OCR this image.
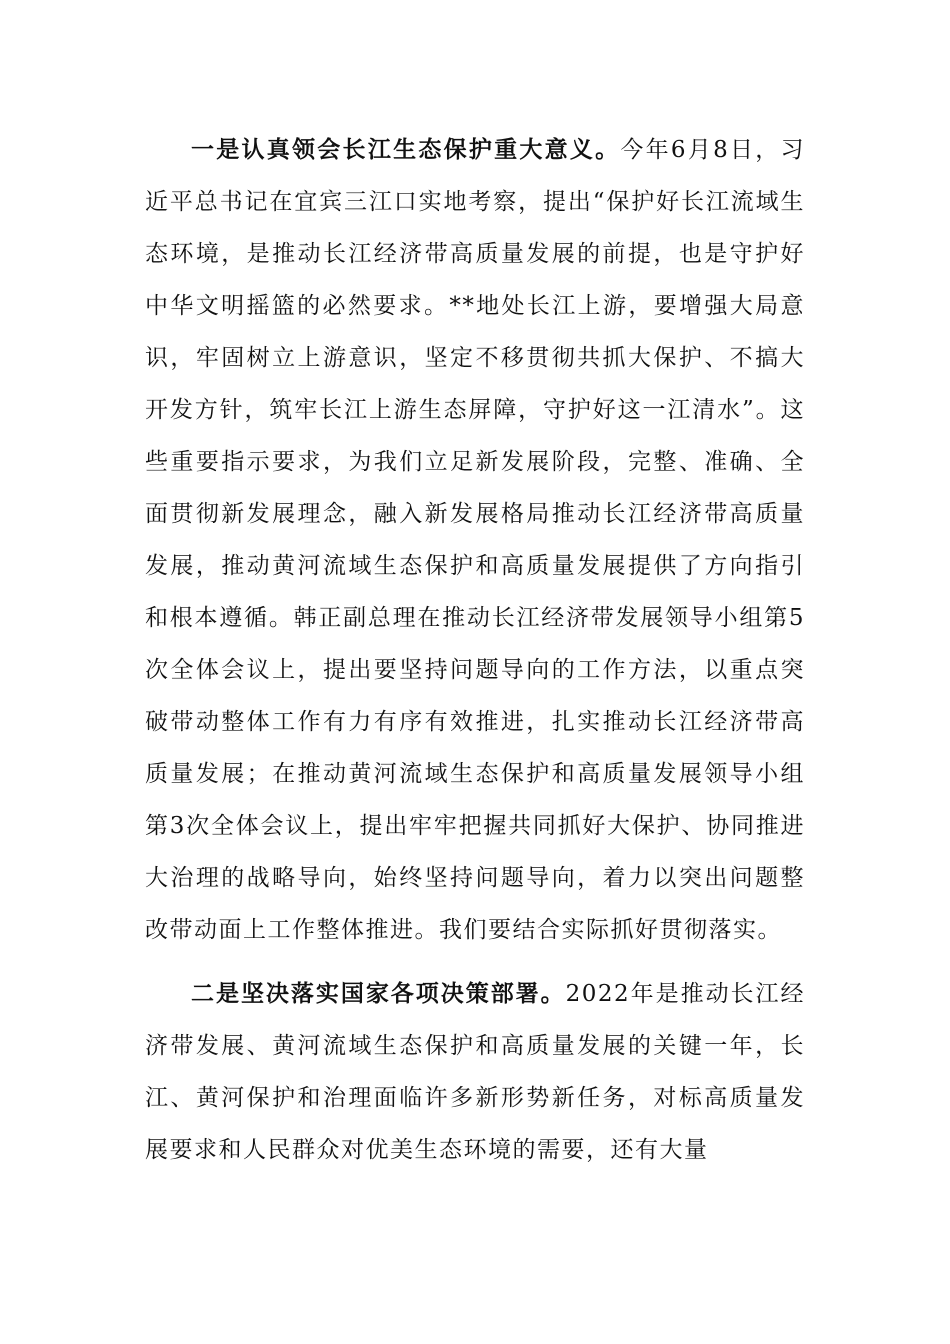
一是认真领会长江生态保护重大意义。今年6月8日，习近平总书记在宜宾三江口实地考察，提出“保护好长江流域生态环境，是推动长江经济带高质量发展的前提，也是守护好中华文明摇篮的必然要求。**地处长江上游，要增强大局意识，牢固树立上游意识，坚定不移贯彻共抓大保护、不搞大开发方针，筑牢长江上游生态屏障，守护好这一江清水”。这些重要指示要求，为我们立足新发展阶段，完整、准确、全面贯彻新发展理念，融入新发展格局推动长江经济带高质量发展，推动黄河流域生态保护和高质量发展提供了方向指引和根本遵循。韩正副总理在推动长江经济带发展领导小组第5次全体会议上，提出要坚持问题导向的工作方法，以重点突破带动整体工作有力有序有效推进，扎实推动长江经济带高质量发展；在推动黄河流域生态保护和高质量发展领导小组第3次全体会议上，提出牢牢把握共同抓好大保护、协同推进大治理的战略导向，始终坚持问题导向，着力以突出问题整改带动面上工作整体推进。我们要结合实际抓好贯彻落实。

二是坚决落实国家各项决策部署。2022年是推动长江经济带发展、黄河流域生态保护和高质量发展的关键一年，长江、黄河保护和治理面临许多新形势新任务，对标高质量发展要求和人民群众对优美生态环境的需要，还有大量
